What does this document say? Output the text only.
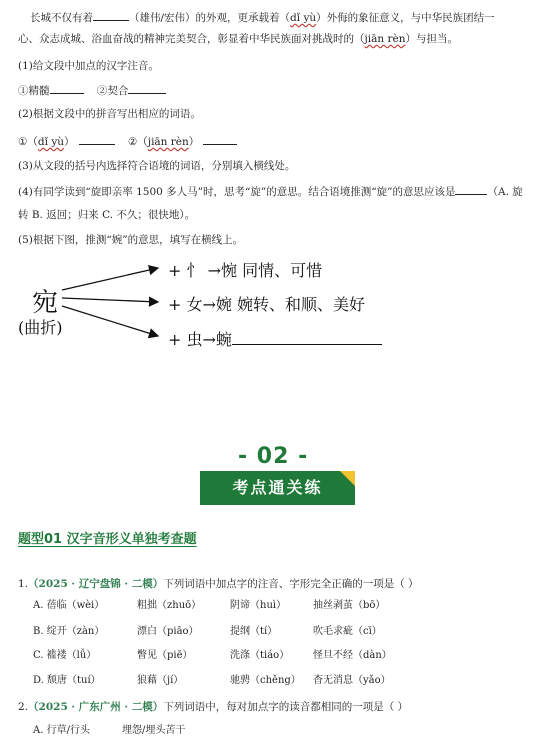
长城不仅有着	（雄伟/宏伟）的外观，更承载着（dǐ yù）外侮的象征意义，与中华民族团结一
心、众志成城、浴血奋战的精神完美契合，彰显着中华民族面对挑战时的（jiān rèn）与担当。
(1)给文段中加点的汉字注音。
①精髓	②契合
(2)根据文段中的拼音写出相应的词语。
①（dǐ yù）	②（jiān rèn）
(3)从文段的括号内选择符合语境的词语，分别填入横线处。
(4)有同学读到“旋即亲率 1500 多人马”时，思考“旋”的意思。结合语境推测“旋”的意思应该是	（A. 旋
转 B. 返回；归来 C. 不久；很快地）。
(5)根据下图，推测“婉”的意思，填写在横线上。
宛
(曲折)
+ 忄 →惋 同情、可惜
+ 女→婉 婉转、和顺、美好
+ 虫→蜿
- 02 -
考点通关练
题型01 汉字音形义单独考查题
1.（2025 · 辽宁盘锦 · 二模）下列词语中加点字的注音、字形完全正确的一项是（ ）
A. 蓓临（wèi）	粗拙（zhuō）	阴谛（huì）	抽丝剥茧（bō）
B. 绽开（zàn）	漂白（piāo）	提纲（tí）	吹毛求疵（cī）
C. 褴褛（lǚ）	瞥见（piē）	洗涤（tiáo） 怪旦不经（dàn）
D. 颓唐（tuí）	狼藉（jí）	驰骋（chěng） 杳无消息（yǎo）
2.（2025 · 广东广州 · 二模）下列词语中，每对加点字的读音都相同的一项是（ ）
A. 行草/行头	埋怨/埋头苦干
